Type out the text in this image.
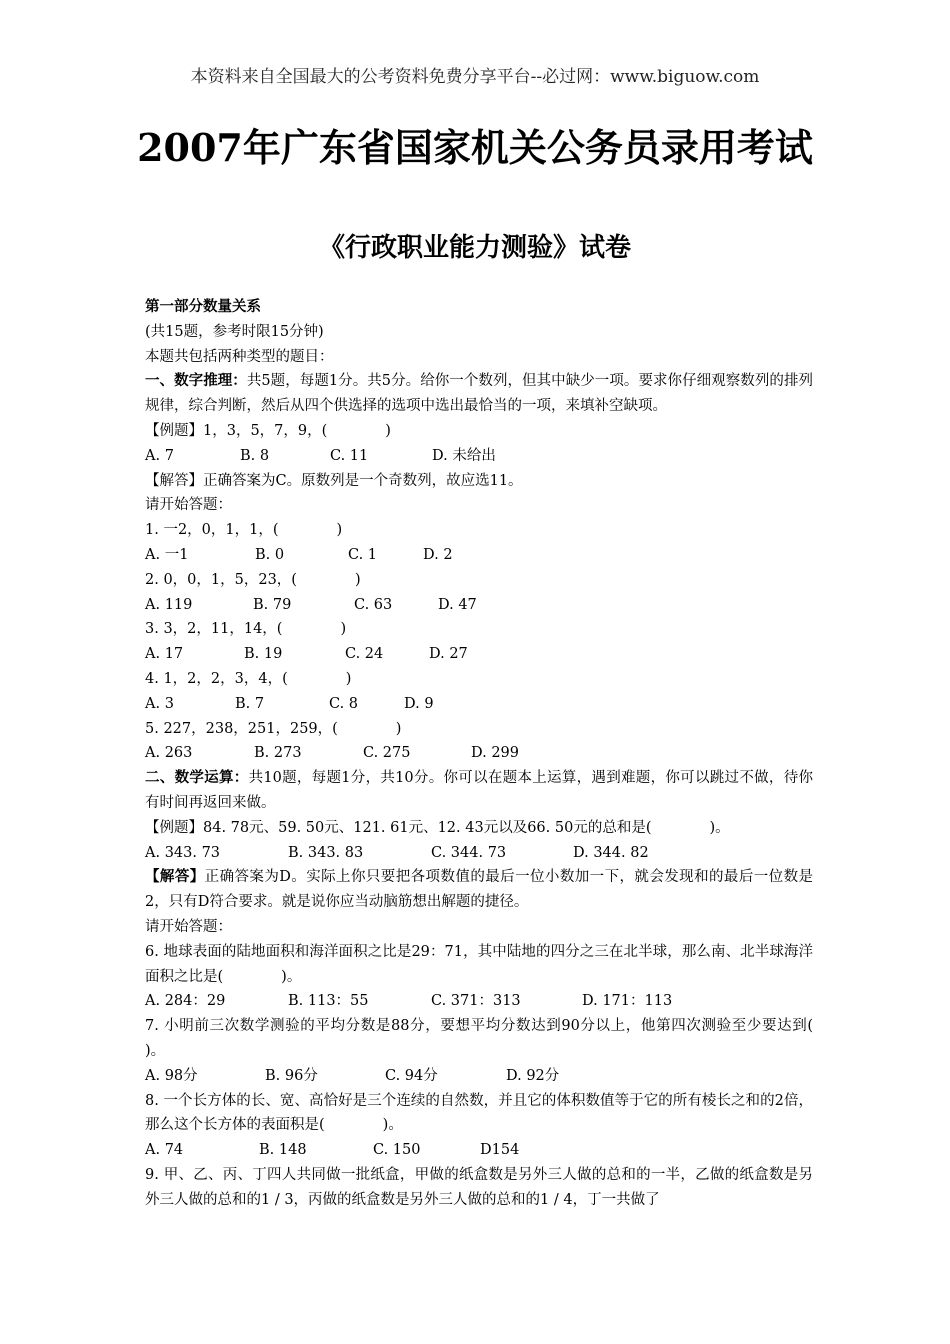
本资料来自全国最大的公考资料免费分享平台--必过网：www.biguow.com
2007年广东省国家机关公务员录用考试
《行政职业能力测验》试卷
第一部分数量关系
(共15题，参考时限15分钟)
本题共包括两种类型的题目：
一、数字推理：共5题，每题1分。共5分。给你一个数列，但其中缺少一项。要求你仔细观察数列的排列规律，综合判断，然后从四个供选择的选项中选出最恰当的一项，来填补空缺项。
【例题】1，3，5，7，9，(　　　　)
A. 7	B. 8	C. 11	D. 未给出
【解答】正确答案为C。原数列是一个奇数列，故应选11。
请开始答题：
1. 一2，0，1，1，(　　　　)
A. 一1	B. 0	C. 1	D. 2
2. 0，0，1，5，23，(　　　　)
A. 119	B. 79	C. 63	D. 47
3. 3，2，11，14，(　　　　)
A. 17	B. 19	C. 24	D. 27
4. 1，2，2，3，4，(　　　　)
A. 3	B. 7	C. 8	D. 9
5. 227，238，251，259，(　　　　)
A. 263	B. 273	C. 275	D. 299
二、数学运算：共10题，每题1分，共10分。你可以在题本上运算，遇到难题，你可以跳过不做，待你有时间再返回来做。
【例题】84. 78元、59. 50元、121. 61元、12. 43元以及66. 50元的总和是(　　　　)。
A. 343. 73	B. 343. 83	C. 344. 73	D. 344. 82
【解答】正确答案为D。实际上你只要把各项数值的最后一位小数加一下，就会发现和的最后一位数是2，只有D符合要求。就是说你应当动脑筋想出解题的捷径。
请开始答题：
6. 地球表面的陆地面积和海洋面积之比是29：71，其中陆地的四分之三在北半球，那么南、北半球海洋面积之比是(　　　　)。
A. 284：29	B. 113：55	C. 371：313	D. 171：113
7. 小明前三次数学测验的平均分数是88分，要想平均分数达到90分以上，他第四次测验至少要达到(　　　　)。
A. 98分	B. 96分	C. 94分	D. 92分
8. 一个长方体的长、宽、高恰好是三个连续的自然数，并且它的体积数值等于它的所有棱长之和的2倍，那么这个长方体的表面积是(　　　　)。
A. 74	B. 148	C. 150	D154
9. 甲、乙、丙、丁四人共同做一批纸盒，甲做的纸盒数是另外三人做的总和的一半，乙做的纸盒数是另外三人做的总和的1 / 3，丙做的纸盒数是另外三人做的总和的1 / 4，丁一共做了
